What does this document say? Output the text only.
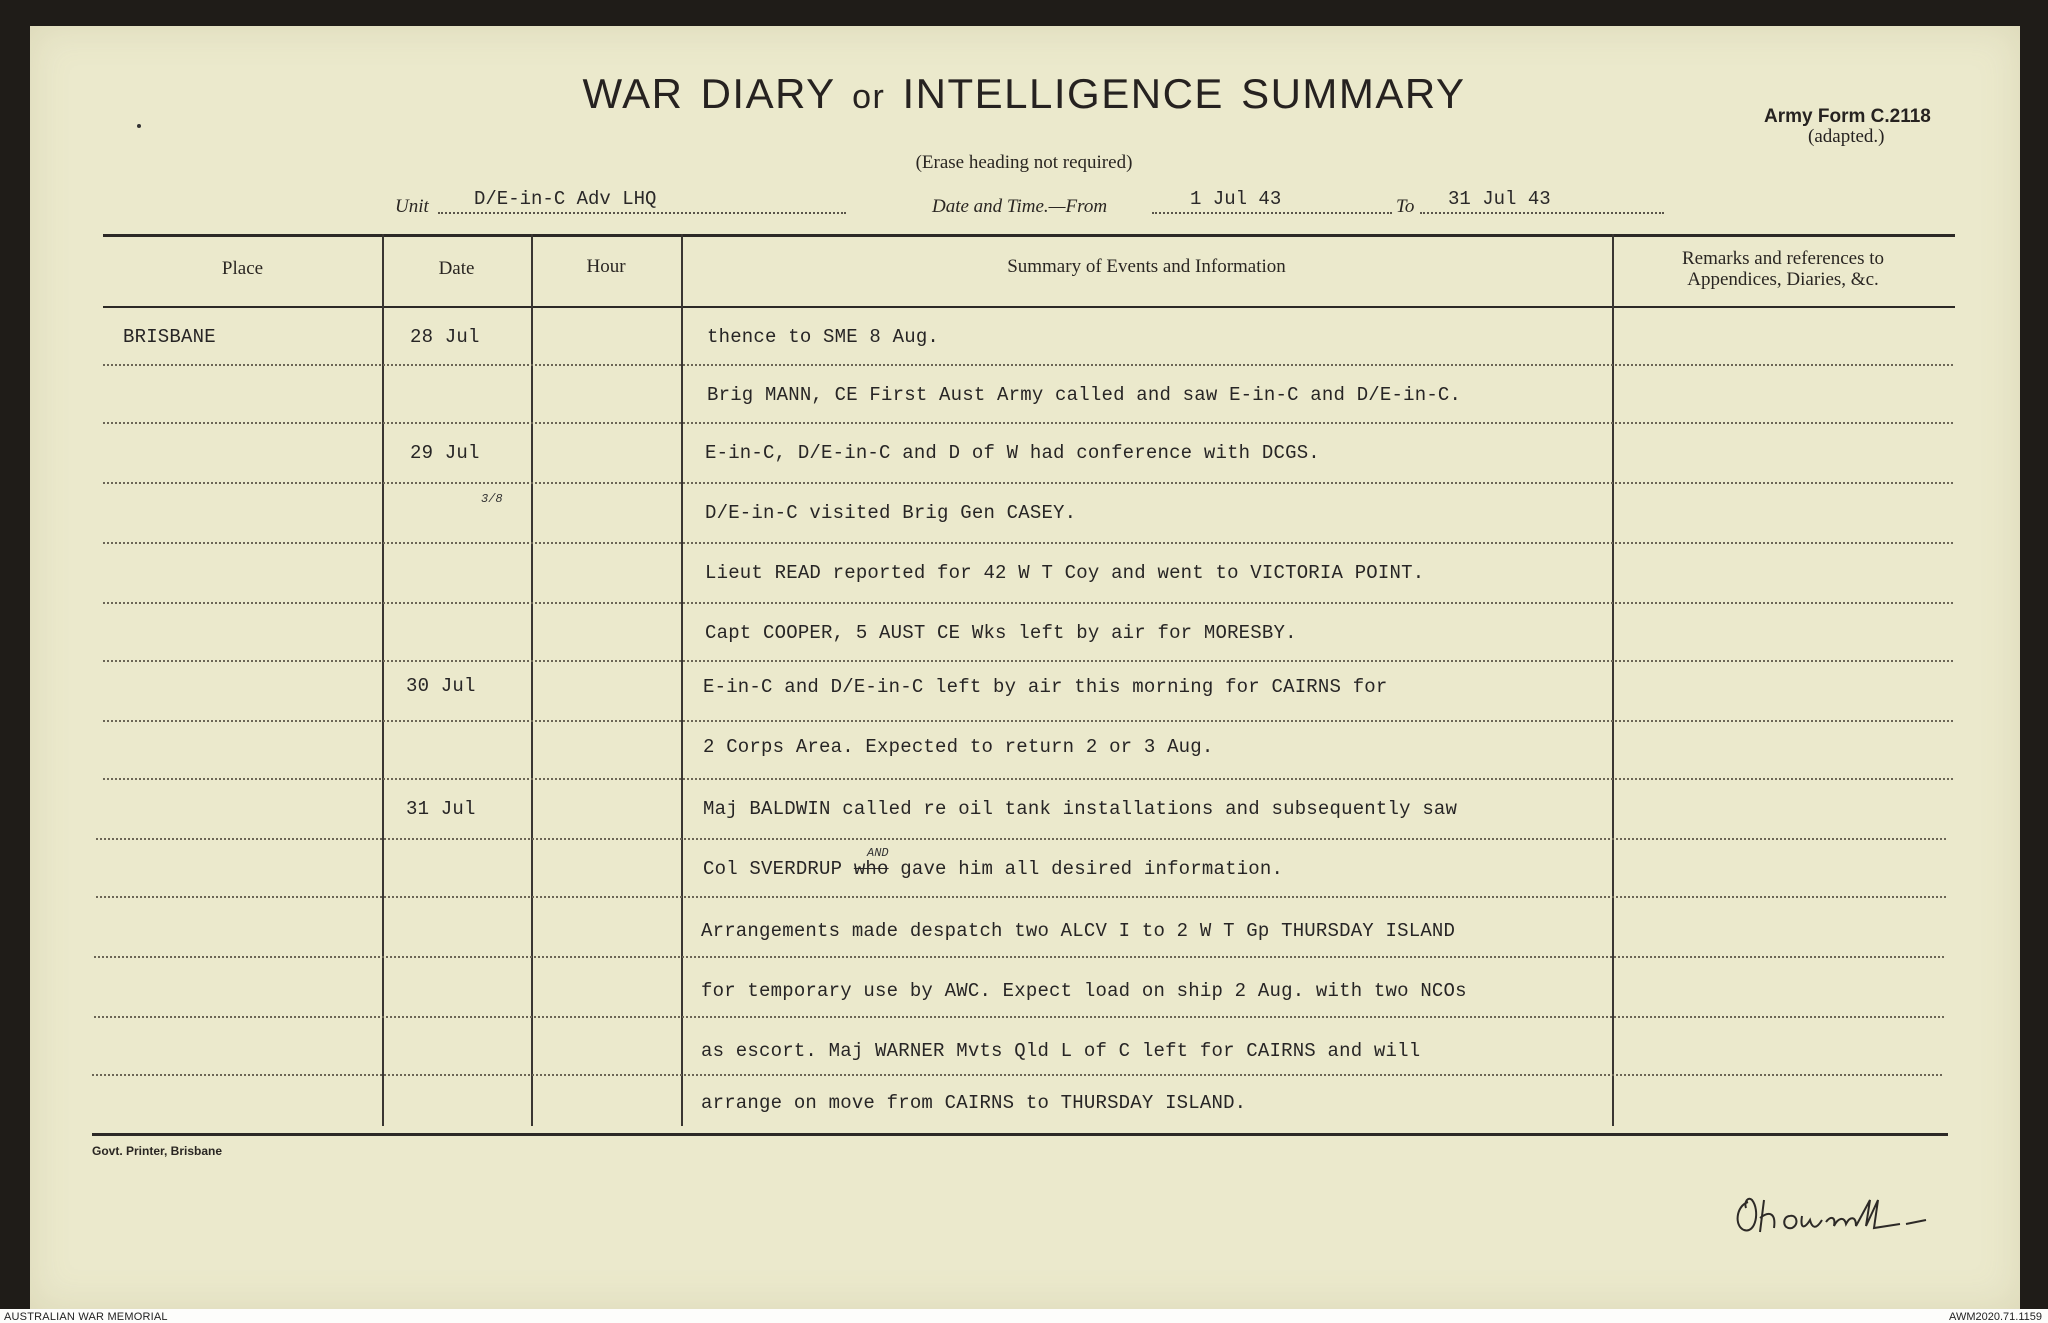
WAR DIARY or INTELLIGENCE SUMMARY
(Erase heading not required)
Army Form C.2118
(adapted.)
Unit D/E-in-C Adv LHQ	Date and Time.—From	1 Jul 43	To 31 Jul 43
Place	Date	Hour	Summary of Events and Information	Remarks and references to
Appendices, Diaries, &c.
BRISBANE	28 Jul	thence to SME 8 Aug.
Brig MANN, CE First Aust Army called and saw E-in-C and D/E-in-C.
29 Jul	E-in-C, D/E-in-C and D of W had conference with DCGS.
3/8
D/E-in-C visited Brig Gen CASEY.
Lieut READ reported for 42 W T Coy and went to VICTORIA POINT.
Capt COOPER, 5 AUST CE Wks left by air for MORESBY.
30 Jul	E-in-C and D/E-in-C left by air this morning for CAIRNS for
2 Corps Area. Expected to return 2 or 3 Aug.
31 Jul	Maj BALDWIN called re oil tank installations and subsequently saw
AND
Col SVERDRUP who gave him all desired information.
Arrangements made despatch two ALCV I to 2 W T Gp THURSDAY ISLAND
for temporary use by AWC. Expect load on ship 2 Aug. with two NCOs
as escort. Maj WARNER Mvts Qld L of C left for CAIRNS and will
arrange on move from CAIRNS to THURSDAY ISLAND.
Govt. Printer, Brisbane
AUSTRALIAN WAR MEMORIAL	AWM2020.71.1159
